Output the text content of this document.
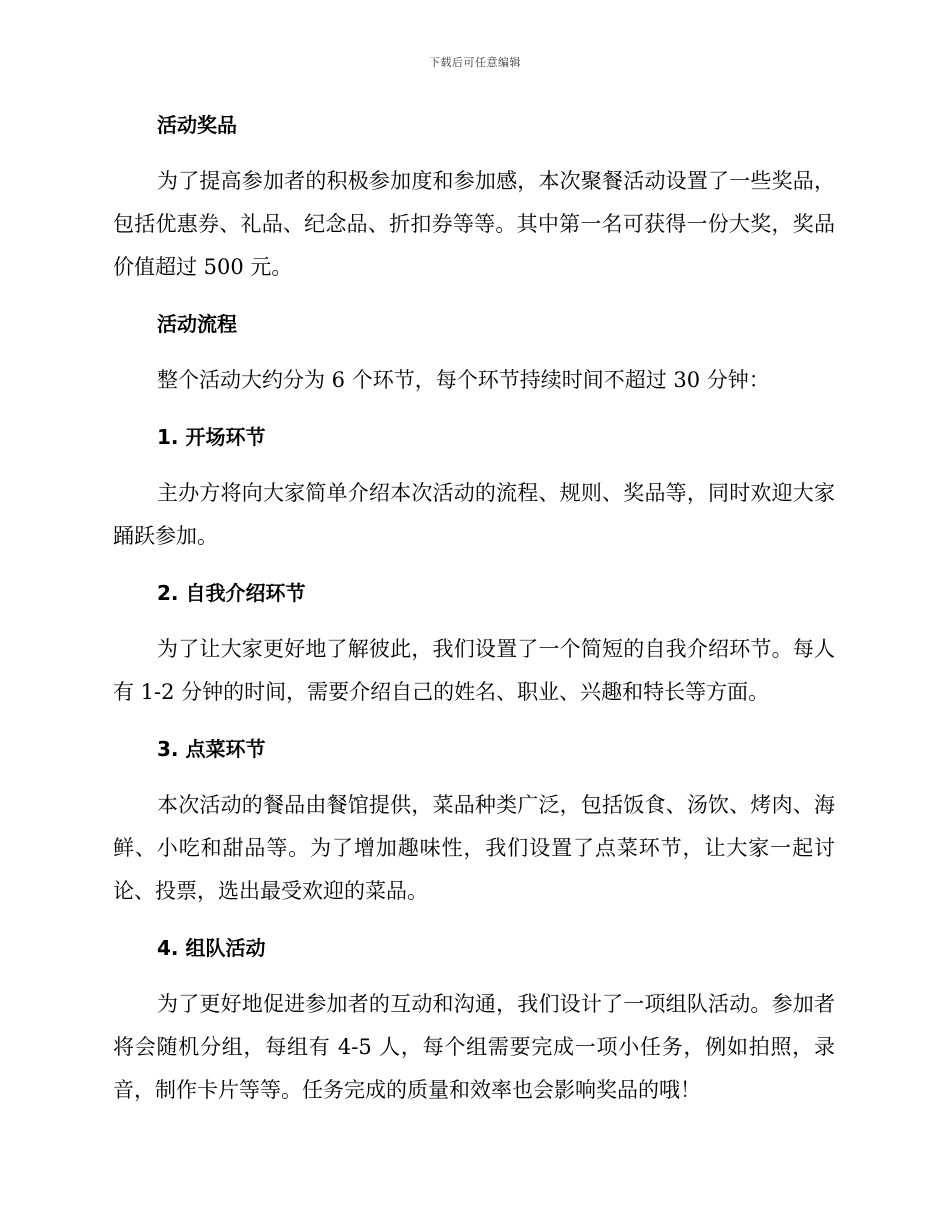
下载后可任意编辑
活动奖品

为了提高参加者的积极参加度和参加感，本次聚餐活动设置了一些奖品，包括优惠券、礼品、纪念品、折扣券等等。其中第一名可获得一份大奖，奖品价值超过 500 元。

活动流程

整个活动大约分为 6 个环节，每个环节持续时间不超过 30 分钟：

1. 开场环节

主办方将向大家简单介绍本次活动的流程、规则、奖品等，同时欢迎大家踊跃参加。

2. 自我介绍环节

为了让大家更好地了解彼此，我们设置了一个简短的自我介绍环节。每人有 1-2 分钟的时间，需要介绍自己的姓名、职业、兴趣和特长等方面。

3. 点菜环节

本次活动的餐品由餐馆提供，菜品种类广泛，包括饭食、汤饮、烤肉、海鲜、小吃和甜品等。为了增加趣味性，我们设置了点菜环节，让大家一起讨论、投票，选出最受欢迎的菜品。

4. 组队活动

为了更好地促进参加者的互动和沟通，我们设计了一项组队活动。参加者将会随机分组，每组有 4-5 人，每个组需要完成一项小任务，例如拍照，录音，制作卡片等等。任务完成的质量和效率也会影响奖品的哦！
